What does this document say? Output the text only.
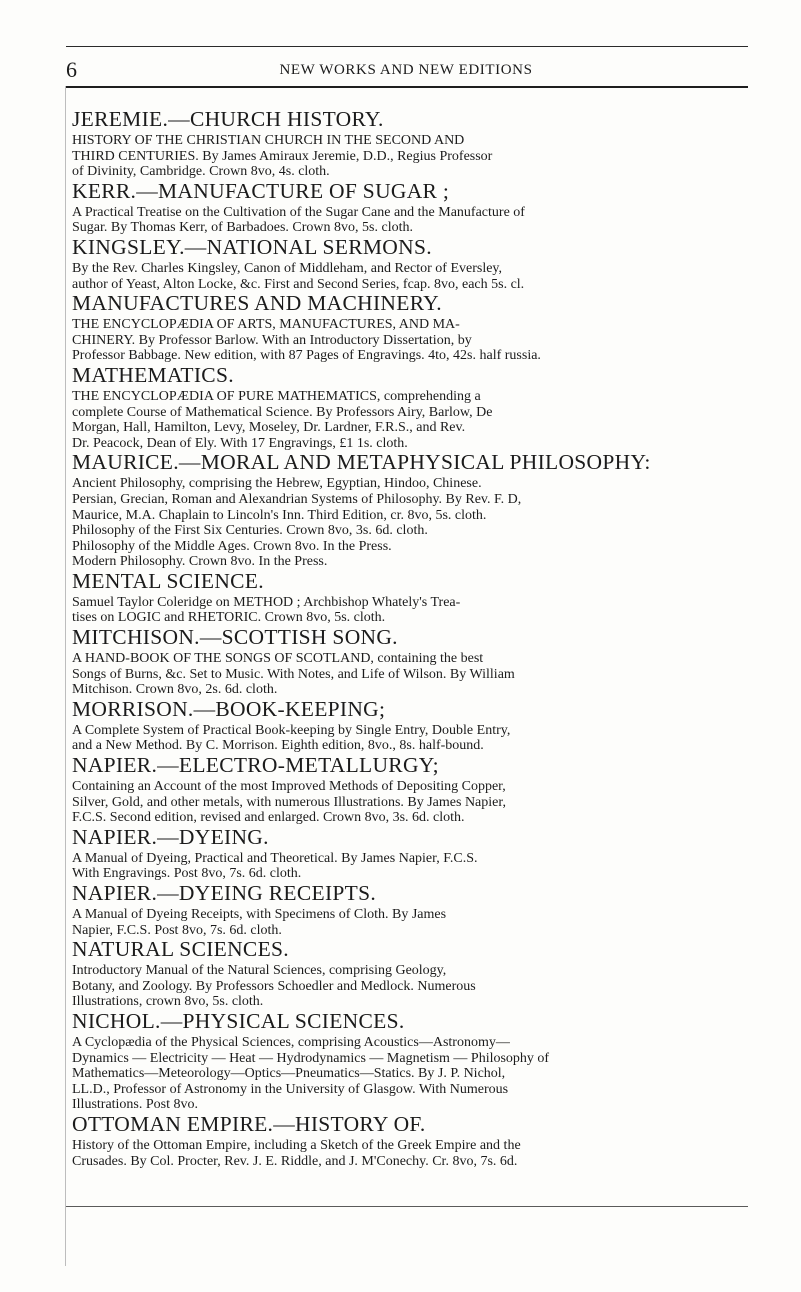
6	NEW WORKS AND NEW EDITIONS
JEREMIE.—CHURCH HISTORY.
HISTORY OF THE CHRISTIAN CHURCH IN THE SECOND AND
THIRD CENTURIES. By James Amiraux Jeremie, D.D., Regius Professor
of Divinity, Cambridge. Crown 8vo, 4s. cloth.
KERR.—MANUFACTURE OF SUGAR ;
A Practical Treatise on the Cultivation of the Sugar Cane and the Manufacture of
Sugar. By Thomas Kerr, of Barbadoes. Crown 8vo, 5s. cloth.
KINGSLEY.—NATIONAL SERMONS.
By the Rev. Charles Kingsley, Canon of Middleham, and Rector of Eversley,
author of Yeast, Alton Locke, &c. First and Second Series, fcap. 8vo, each 5s. cl.
MANUFACTURES AND MACHINERY.
THE ENCYCLOPÆDIA OF ARTS, MANUFACTURES, AND MA-
CHINERY. By Professor Barlow. With an Introductory Dissertation, by
Professor Babbage. New edition, with 87 Pages of Engravings. 4to, 42s. half russia.
MATHEMATICS.
THE ENCYCLOPÆDIA OF PURE MATHEMATICS, comprehending a
complete Course of Mathematical Science. By Professors Airy, Barlow, De
Morgan, Hall, Hamilton, Levy, Moseley, Dr. Lardner, F.R.S., and Rev.
Dr. Peacock, Dean of Ely. With 17 Engravings, £1 1s. cloth.
MAURICE.—MORAL AND METAPHYSICAL PHILOSOPHY:
Ancient Philosophy, comprising the Hebrew, Egyptian, Hindoo, Chinese.
Persian, Grecian, Roman and Alexandrian Systems of Philosophy. By Rev. F. D,
Maurice, M.A. Chaplain to Lincoln's Inn. Third Edition, cr. 8vo, 5s. cloth.
Philosophy of the First Six Centuries. Crown 8vo, 3s. 6d. cloth.
Philosophy of the Middle Ages. Crown 8vo. In the Press.
Modern Philosophy. Crown 8vo. In the Press.
MENTAL SCIENCE.
Samuel Taylor Coleridge on METHOD ; Archbishop Whately's Trea-
tises on LOGIC and RHETORIC. Crown 8vo, 5s. cloth.
MITCHISON.—SCOTTISH SONG.
A HAND-BOOK OF THE SONGS OF SCOTLAND, containing the best
Songs of Burns, &c. Set to Music. With Notes, and Life of Wilson. By William
Mitchison. Crown 8vo, 2s. 6d. cloth.
MORRISON.—BOOK-KEEPING;
A Complete System of Practical Book-keeping by Single Entry, Double Entry,
and a New Method. By C. Morrison. Eighth edition, 8vo., 8s. half-bound.
NAPIER.—ELECTRO-METALLURGY;
Containing an Account of the most Improved Methods of Depositing Copper,
Silver, Gold, and other metals, with numerous Illustrations. By James Napier,
F.C.S. Second edition, revised and enlarged. Crown 8vo, 3s. 6d. cloth.
NAPIER.—DYEING.
A Manual of Dyeing, Practical and Theoretical. By James Napier, F.C.S.
With Engravings. Post 8vo, 7s. 6d. cloth.
NAPIER.—DYEING RECEIPTS.
A Manual of Dyeing Receipts, with Specimens of Cloth. By James
Napier, F.C.S. Post 8vo, 7s. 6d. cloth.
NATURAL SCIENCES.
Introductory Manual of the Natural Sciences, comprising Geology,
Botany, and Zoology. By Professors Schoedler and Medlock. Numerous
Illustrations, crown 8vo, 5s. cloth.
NICHOL.—PHYSICAL SCIENCES.
A Cyclopædia of the Physical Sciences, comprising Acoustics—Astronomy—
Dynamics — Electricity — Heat — Hydrodynamics — Magnetism — Philosophy of
Mathematics—Meteorology—Optics—Pneumatics—Statics. By J. P. Nichol,
LL.D., Professor of Astronomy in the University of Glasgow. With Numerous
Illustrations. Post 8vo.
OTTOMAN EMPIRE.—HISTORY OF.
History of the Ottoman Empire, including a Sketch of the Greek Empire and the
Crusades. By Col. Procter, Rev. J. E. Riddle, and J. M'Conechy. Cr. 8vo, 7s. 6d.
